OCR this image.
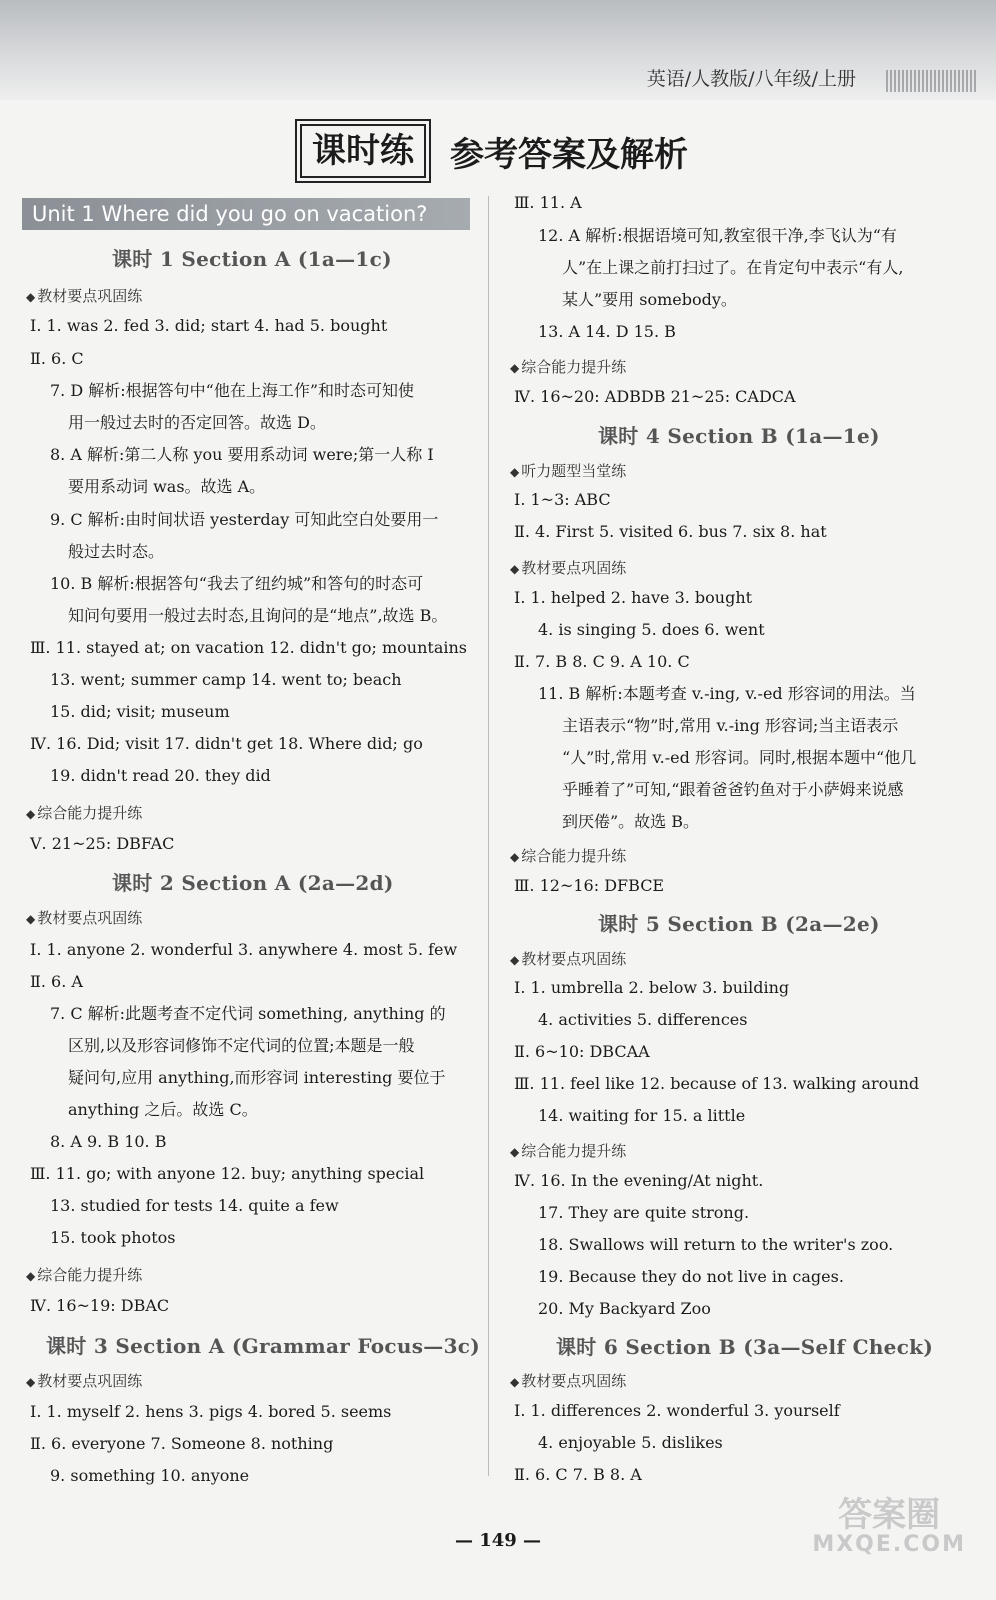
英语/人教版/八年级/上册
课时练	参考答案及解析
Unit 1 Where did you go on vacation?
课时 1 Section A (1a—1c)
◆ 教材要点巩固练
Ⅰ. 1. was 2. fed 3. did; start 4. had 5. bought
Ⅱ. 6. C
7. D 解析:根据答句中“他在上海工作”和时态可知使
用一般过去时的否定回答。故选 D。
8. A 解析:第二人称 you 要用系动词 were;第一人称 I
要用系动词 was。故选 A。
9. C 解析:由时间状语 yesterday 可知此空白处要用一
般过去时态。
10. B 解析:根据答句“我去了纽约城”和答句的时态可
知问句要用一般过去时态,且询问的是“地点”,故选 B。
Ⅲ. 11. stayed at; on vacation 12. didn't go; mountains
13. went; summer camp 14. went to; beach
15. did; visit; museum
Ⅳ. 16. Did; visit 17. didn't get 18. Where did; go
19. didn't read 20. they did
◆ 综合能力提升练
Ⅴ. 21~25: DBFAC
课时 2 Section A (2a—2d)
◆ 教材要点巩固练
Ⅰ. 1. anyone 2. wonderful 3. anywhere 4. most 5. few
Ⅱ. 6. A
7. C 解析:此题考查不定代词 something, anything 的
区别,以及形容词修饰不定代词的位置;本题是一般
疑问句,应用 anything,而形容词 interesting 要位于
anything 之后。故选 C。
8. A 9. B 10. B
Ⅲ. 11. go; with anyone 12. buy; anything special
13. studied for tests 14. quite a few
15. took photos
◆ 综合能力提升练
Ⅳ. 16~19: DBAC
课时 3 Section A (Grammar Focus—3c)
◆ 教材要点巩固练
Ⅰ. 1. myself 2. hens 3. pigs 4. bored 5. seems
Ⅱ. 6. everyone 7. Someone 8. nothing
9. something 10. anyone
Ⅲ. 11. A
12. A 解析:根据语境可知,教室很干净,李飞认为“有
人”在上课之前打扫过了。在肯定句中表示“有人,
某人”要用 somebody。
13. A 14. D 15. B
◆ 综合能力提升练
Ⅳ. 16~20: ADBDB 21~25: CADCA
课时 4 Section B (1a—1e)
◆ 听力题型当堂练
Ⅰ. 1~3: ABC
Ⅱ. 4. First 5. visited 6. bus 7. six 8. hat
◆ 教材要点巩固练
Ⅰ. 1. helped 2. have 3. bought
4. is singing 5. does 6. went
Ⅱ. 7. B 8. C 9. A 10. C
11. B 解析:本题考查 v.-ing, v.-ed 形容词的用法。当
主语表示“物”时,常用 v.-ing 形容词;当主语表示
“人”时,常用 v.-ed 形容词。同时,根据本题中“他几
乎睡着了”可知,“跟着爸爸钓鱼对于小萨姆来说感
到厌倦”。故选 B。
◆ 综合能力提升练
Ⅲ. 12~16: DFBCE
课时 5 Section B (2a—2e)
◆ 教材要点巩固练
Ⅰ. 1. umbrella 2. below 3. building
4. activities 5. differences
Ⅱ. 6~10: DBCAA
Ⅲ. 11. feel like 12. because of 13. walking around
14. waiting for 15. a little
◆ 综合能力提升练
Ⅳ. 16. In the evening/At night.
17. They are quite strong.
18. Swallows will return to the writer's zoo.
19. Because they do not live in cages.
20. My Backyard Zoo
课时 6 Section B (3a—Self Check)
◆ 教材要点巩固练
Ⅰ. 1. differences 2. wonderful 3. yourself
4. enjoyable 5. dislikes
Ⅱ. 6. C 7. B 8. A
— 149 —
答案圈
MXQE.COM
